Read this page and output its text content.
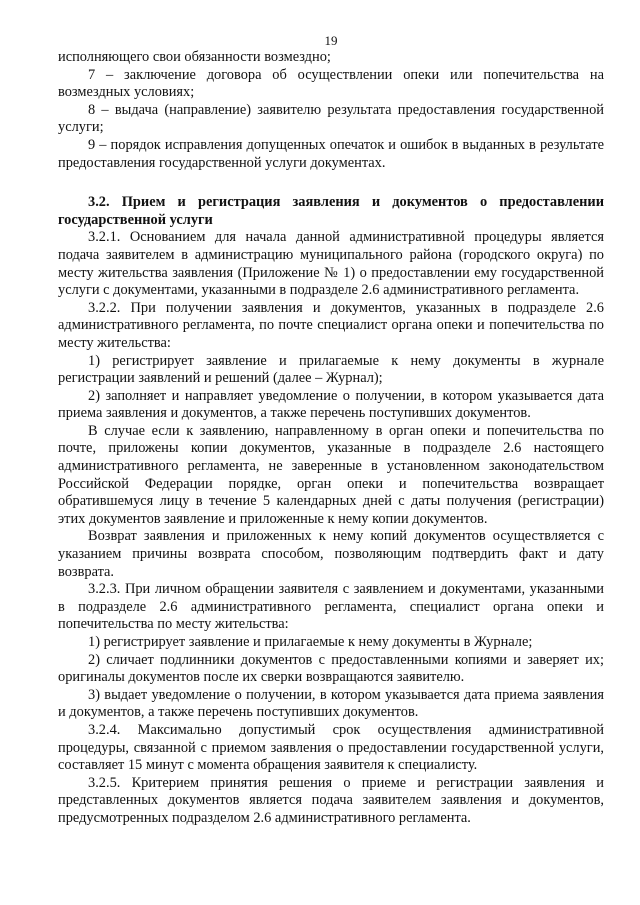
19

исполняющего свои обязанности возмездно;

7 – заключение договора об осуществлении опеки или попечительства на возмездных условиях;

8 – выдача (направление) заявителю результата предоставления государственной услуги;

9 – порядок исправления допущенных опечаток и ошибок в выданных в результате предоставления государственной услуги документах.

3.2. Прием и регистрация заявления и документов о предоставлении государственной услуги

3.2.1. Основанием для начала данной административной процедуры является подача заявителем в администрацию муниципального района (городского округа) по месту жительства заявления (Приложение № 1) о предоставлении ему государственной услуги с документами, указанными в подразделе 2.6 административного регламента.

3.2.2. При получении заявления и документов, указанных в подразделе 2.6 административного регламента, по почте специалист органа опеки и попечительства по месту жительства:

1) регистрирует заявление и прилагаемые к нему документы в журнале регистрации заявлений и решений (далее – Журнал);

2) заполняет и направляет уведомление о получении, в котором указывается дата приема заявления и документов, а также перечень поступивших документов.

В случае если к заявлению, направленному в орган опеки и попечительства по почте, приложены копии документов, указанные в подразделе 2.6 настоящего административного регламента, не заверенные в установленном законодательством Российской Федерации порядке, орган опеки и попечительства возвращает обратившемуся лицу в течение 5 календарных дней с даты получения (регистрации) этих документов заявление и приложенные к нему копии документов.

Возврат заявления и приложенных к нему копий документов осуществляется с указанием причины возврата способом, позволяющим подтвердить факт и дату возврата.

3.2.3. При личном обращении заявителя с заявлением и документами, указанными в подразделе 2.6 административного регламента, специалист органа опеки и попечительства по месту жительства:

1) регистрирует заявление и прилагаемые к нему документы в Журнале;

2) сличает подлинники документов с предоставленными копиями и заверяет их; оригиналы документов после их сверки возвращаются заявителю.

3) выдает уведомление о получении, в котором указывается дата приема заявления и документов, а также перечень поступивших документов.

3.2.4. Максимально допустимый срок осуществления административной процедуры, связанной с приемом заявления о предоставлении государственной услуги, составляет 15 минут с момента обращения заявителя к специалисту.

3.2.5. Критерием принятия решения о приеме и регистрации заявления и представленных документов является подача заявителем заявления и документов, предусмотренных подразделом 2.6 административного регламента.
